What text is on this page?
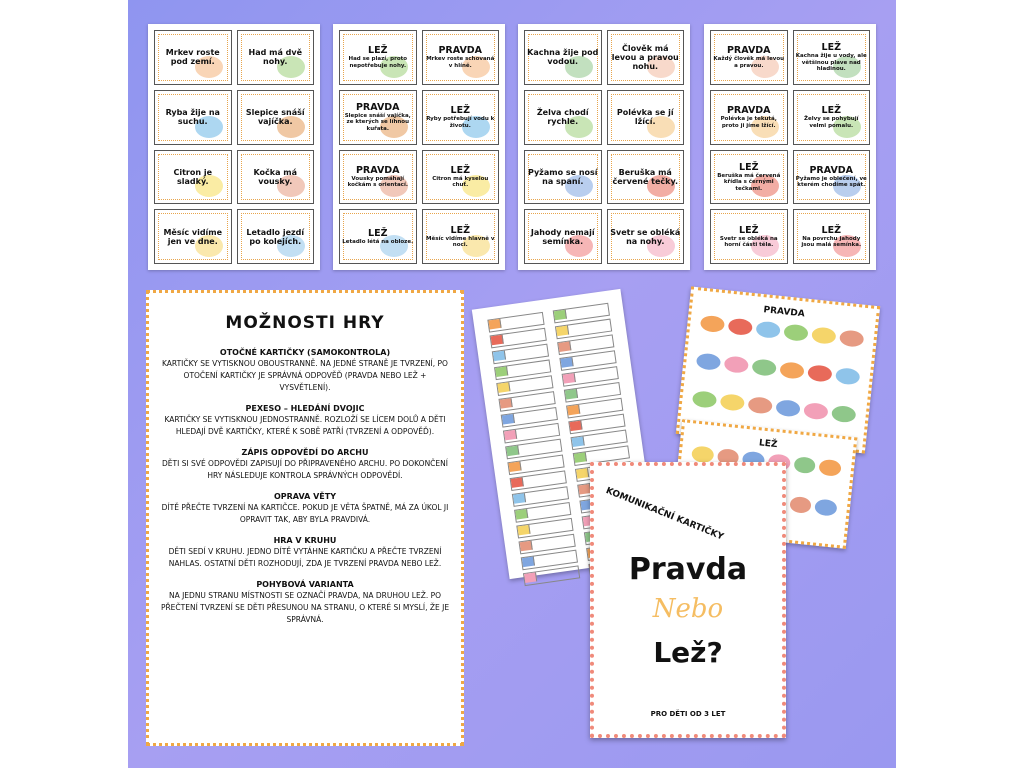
Mrkev roste pod zemí.
Had má dvě nohy.
Ryba žije na suchu.
Slepice snáší vajíčka.
Citron je sladký.
Kočka má vousky.
Měsíc vidíme jen ve dne.
Letadlo jezdí po kolejích.
LEŽ
Had se plazí, proto nepotřebuje nohy.
PRAVDA
Mrkev roste schovaná v hlíně.
PRAVDA
Slepice snáší vajíčka, ze kterých se líhnou kuřata.
LEŽ
Ryby potřebují vodu k životu.
PRAVDA
Vousky pomáhají kočkám s orientací.
LEŽ
Citron má kyselou chuť.
LEŽ
Letadlo létá na obloze.
LEŽ
Měsíc vidíme hlavně v noci.
Kachna žije pod vodou.
Člověk má levou a pravou nohu.
Želva chodí rychle.
Polévka se jí lžící.
Pyžamo se nosí na spaní.
Beruška má červené tečky.
Jahody nemají semínka.
Svetr se obléká na nohy.
PRAVDA
Každý člověk má levou a pravou.
LEŽ
Kachna žije u vody, ale většinou plave nad hladinou.
PRAVDA
Polévka je tekutá, proto ji jíme lžící.
LEŽ
Želvy se pohybují velmi pomalu.
LEŽ
Beruška má červená křídla s černými tečkami.
PRAVDA
Pyžamo je oblečení, ve kterém chodíme spát.
LEŽ
Svetr se obléká na horní části těla.
LEŽ
Na povrchu jahody jsou malá semínka.
MOŽNOSTI HRY
OTOČNÉ KARTIČKY (SAMOKONTROLA)
KARTIČKY SE VYTISKNOU OBOUSTRANNĚ. NA JEDNÉ STRANĚ JE TVRZENÍ, PO OTOČENÍ KARTIČKY JE SPRÁVNÁ ODPOVĚĎ (PRAVDA NEBO LEŽ + VYSVĚTLENÍ).
PEXESO – HLEDÁNÍ DVOJIC
KARTIČKY SE VYTISKNOU JEDNOSTRANNĚ. ROZLOŽÍ SE LÍCEM DOLŮ A DĚTI HLEDAJÍ DVĚ KARTIČKY, KTERÉ K SOBĚ PATŘÍ (TVRZENÍ A ODPOVĚĎ).
ZÁPIS ODPOVĚDÍ DO ARCHU
DĚTI SI SVÉ ODPOVĚDI ZAPISUJÍ DO PŘIPRAVENÉHO ARCHU. PO DOKONČENÍ HRY NÁSLEDUJE KONTROLA SPRÁVNÝCH ODPOVĚDÍ.
OPRAVA VĚTY
DÍTĚ PŘEČTE TVRZENÍ NA KARTIČCE. POKUD JE VĚTA ŠPATNĚ, MÁ ZA ÚKOL JI OPRAVIT TAK, ABY BYLA PRAVDIVÁ.
HRA V KRUHU
DĚTI SEDÍ V KRUHU. JEDNO DÍTĚ VYTÁHNE KARTIČKU A PŘEČTE TVRZENÍ NAHLAS. OSTATNÍ DĚTI ROZHODUJÍ, ZDA JE TVRZENÍ PRAVDA NEBO LEŽ.
POHYBOVÁ VARIANTA
NA JEDNU STRANU MÍSTNOSTI SE OZNAČÍ PRAVDA, NA DRUHOU LEŽ. PO PŘEČTENÍ TVRZENÍ SE DĚTI PŘESUNOU NA STRANU, O KTERÉ SI MYSLÍ, ŽE JE SPRÁVNÁ.
PRAVDA
LEŽ
KOMUNIKAČNÍ KARTIČKY
Pravda
Nebo
Lež?
PRO DĚTI OD 3 LET
